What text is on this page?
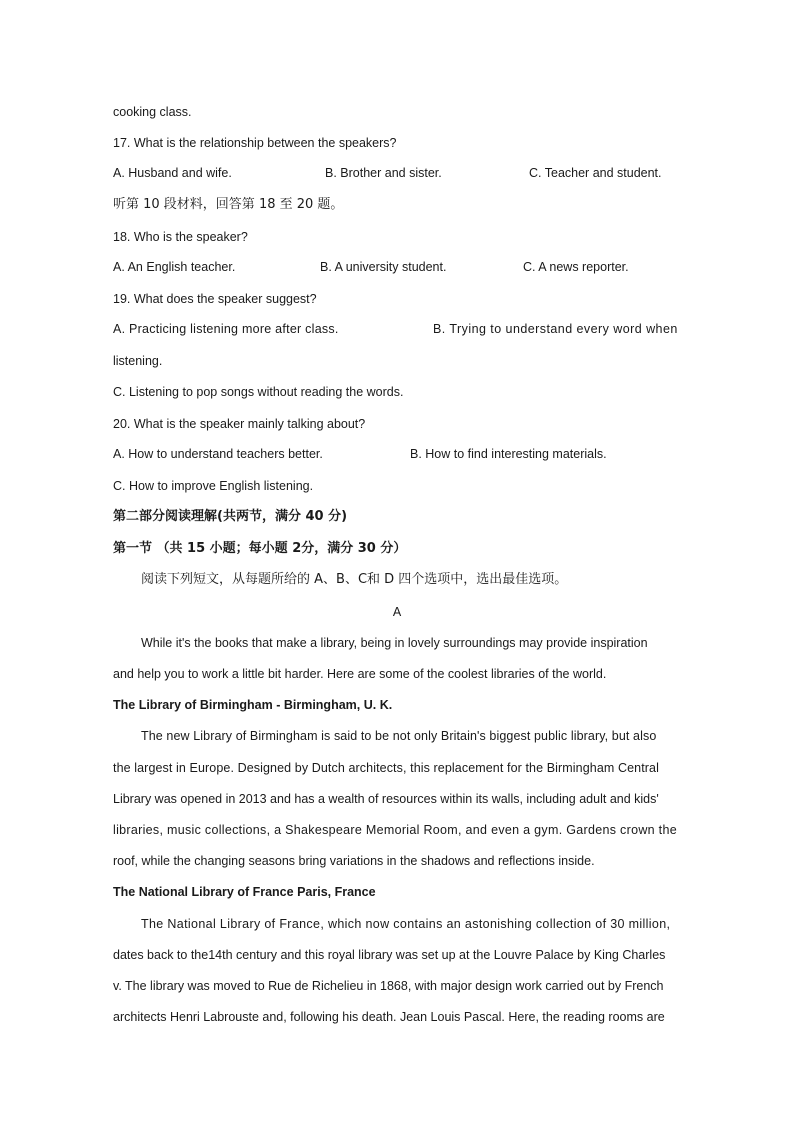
cooking class.
17. What is the relationship between the speakers?
A. Husband and wife.	B. Brother and sister.	C. Teacher and student.
听第 10 段材料，回答第 18 至 20 题。
18. Who is the speaker?
A. An English teacher.	B. A university student.	C. A news reporter.
19. What does the speaker suggest?
A. Practicing listening more after class.	B. Trying to understand every word when
listening.
C. Listening to pop songs without reading the words.
20. What is the speaker mainly talking about?
A. How to understand teachers better.	B. How to find interesting materials.
C. How to improve English listening.
第二部分阅读理解(共两节，满分 40 分)
第一节 （共 15 小题；每小题 2分，满分 30 分）
阅读下列短文，从每题所给的 A、B、C和 D 四个选项中，选出最佳选项。
A
While it's the books that make a library, being in lovely surroundings may provide inspiration
and help you to work a little bit harder. Here are some of the coolest libraries of the world.
The Library of Birmingham - Birmingham, U. K.
The new Library of Birmingham is said to be not only Britain's biggest public library, but also
the largest in Europe. Designed by Dutch architects, this replacement for the Birmingham Central
Library was opened in 2013 and has a wealth of resources within its walls, including adult and kids'
libraries, music collections, a Shakespeare Memorial Room, and even a gym. Gardens crown the
roof, while the changing seasons bring variations in the shadows and reflections inside.
The National Library of France Paris, France
The National Library of France, which now contains an astonishing collection of 30 million,
dates back to the14th century and this royal library was set up at the Louvre Palace by King Charles
v. The library was moved to Rue de Richelieu in 1868, with major design work carried out by French
architects Henri Labrouste and, following his death. Jean Louis Pascal. Here, the reading rooms are
